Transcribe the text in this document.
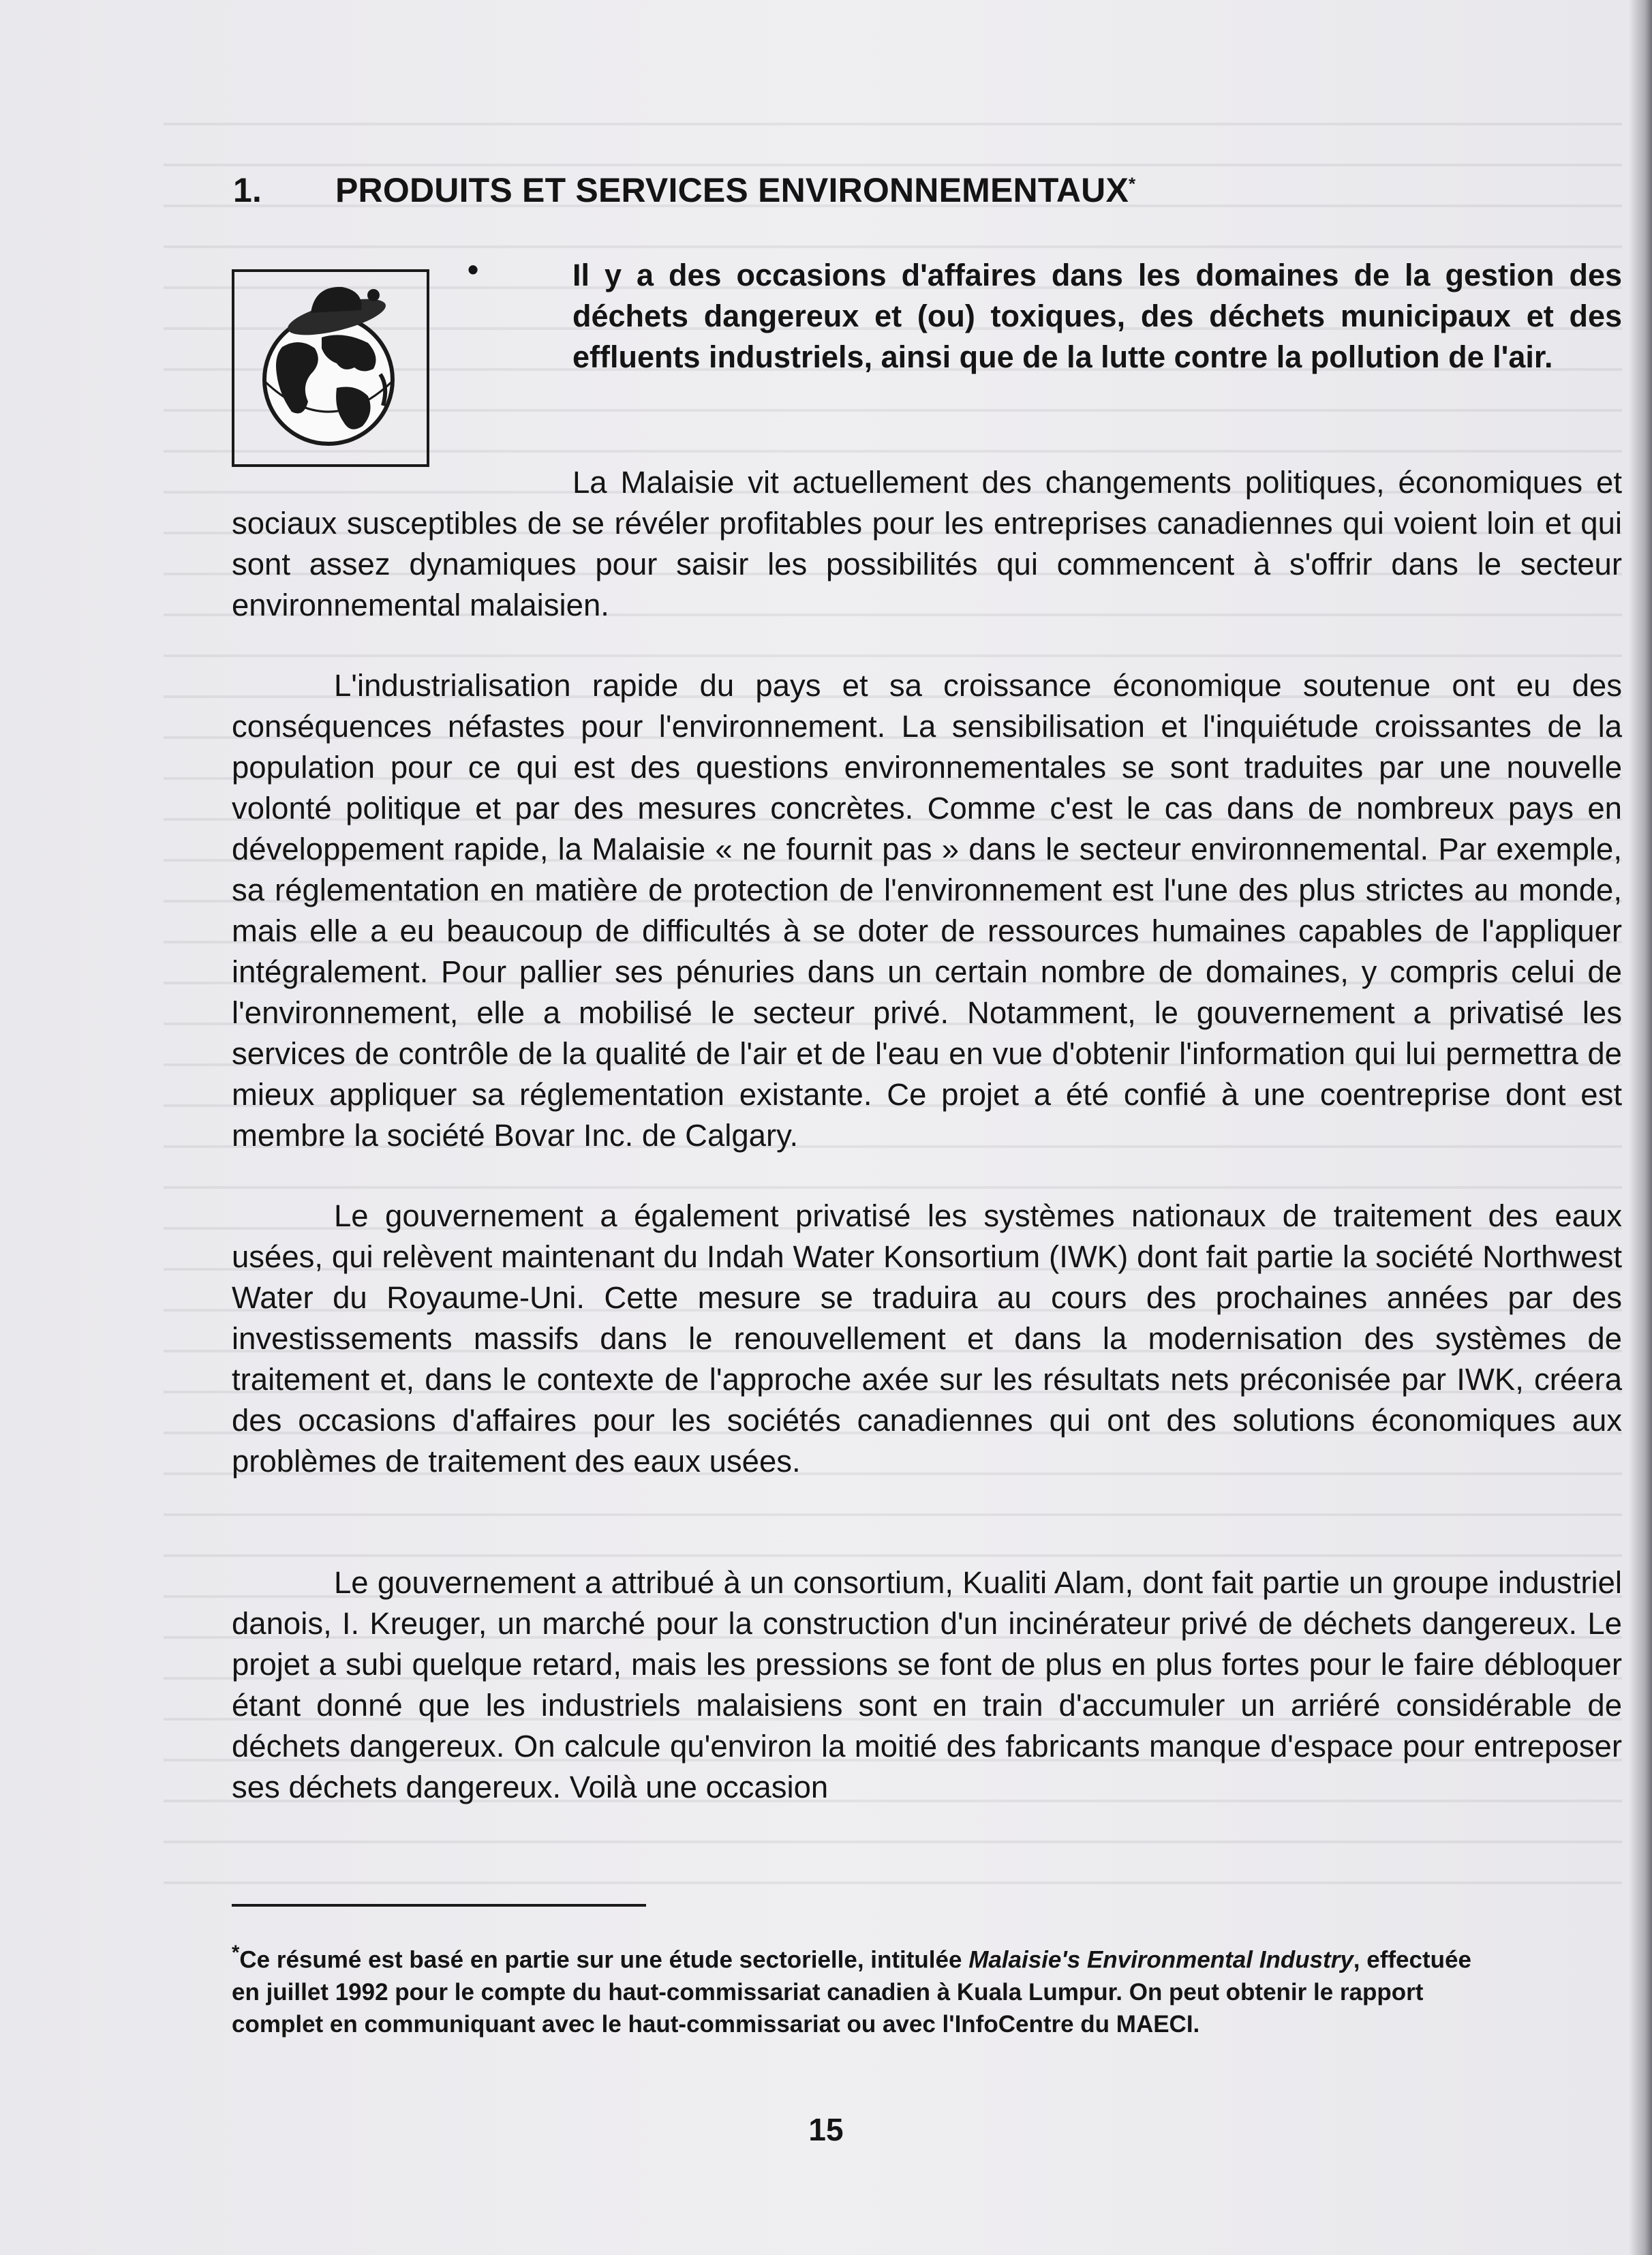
1. PRODUITS ET SERVICES ENVIRONNEMENTAUX*
•	Il y a des occasions d'affaires dans les domaines de la gestion des déchets dangereux et (ou) toxiques, des déchets municipaux et des effluents industriels, ainsi que de la lutte contre la pollution de l'air.

La Malaisie vit actuellement des changements politiques, économiques et sociaux susceptibles de se révéler profitables pour les entreprises canadiennes qui voient loin et qui sont assez dynamiques pour saisir les possibilités qui commencent à s'offrir dans le secteur environnemental malaisien.

L'industrialisation rapide du pays et sa croissance économique soutenue ont eu des conséquences néfastes pour l'environnement. La sensibilisation et l'inquiétude croissantes de la population pour ce qui est des questions environnementales se sont traduites par une nouvelle volonté politique et par des mesures concrètes. Comme c'est le cas dans de nombreux pays en développement rapide, la Malaisie « ne fournit pas » dans le secteur environnemental. Par exemple, sa réglementation en matière de protection de l'environnement est l'une des plus strictes au monde, mais elle a eu beaucoup de difficultés à se doter de ressources humaines capables de l'appliquer intégralement. Pour pallier ses pénuries dans un certain nombre de domaines, y compris celui de l'environnement, elle a mobilisé le secteur privé. Notamment, le gouvernement a privatisé les services de contrôle de la qualité de l'air et de l'eau en vue d'obtenir l'information qui lui permettra de mieux appliquer sa réglementation existante. Ce projet a été confié à une coentreprise dont est membre la société Bovar Inc. de Calgary.

Le gouvernement a également privatisé les systèmes nationaux de traitement des eaux usées, qui relèvent maintenant du Indah Water Konsortium (IWK) dont fait partie la société Northwest Water du Royaume-Uni. Cette mesure se traduira au cours des prochaines années par des investissements massifs dans le renouvellement et dans la modernisation des systèmes de traitement et, dans le contexte de l'approche axée sur les résultats nets préconisée par IWK, créera des occasions d'affaires pour les sociétés canadiennes qui ont des solutions économiques aux problèmes de traitement des eaux usées.

Le gouvernement a attribué à un consortium, Kualiti Alam, dont fait partie un groupe industriel danois, I. Kreuger, un marché pour la construction d'un incinérateur privé de déchets dangereux. Le projet a subi quelque retard, mais les pressions se font de plus en plus fortes pour le faire débloquer étant donné que les industriels malaisiens sont en train d'accumuler un arriéré considérable de déchets dangereux. On calcule qu'environ la moitié des fabricants manque d'espace pour entreposer ses déchets dangereux. Voilà une occasion

*Ce résumé est basé en partie sur une étude sectorielle, intitulée Malaisie's Environmental Industry, effectuée en juillet 1992 pour le compte du haut-commissariat canadien à Kuala Lumpur. On peut obtenir le rapport complet en communiquant avec le haut-commissariat ou avec l'InfoCentre du MAECI.
15
